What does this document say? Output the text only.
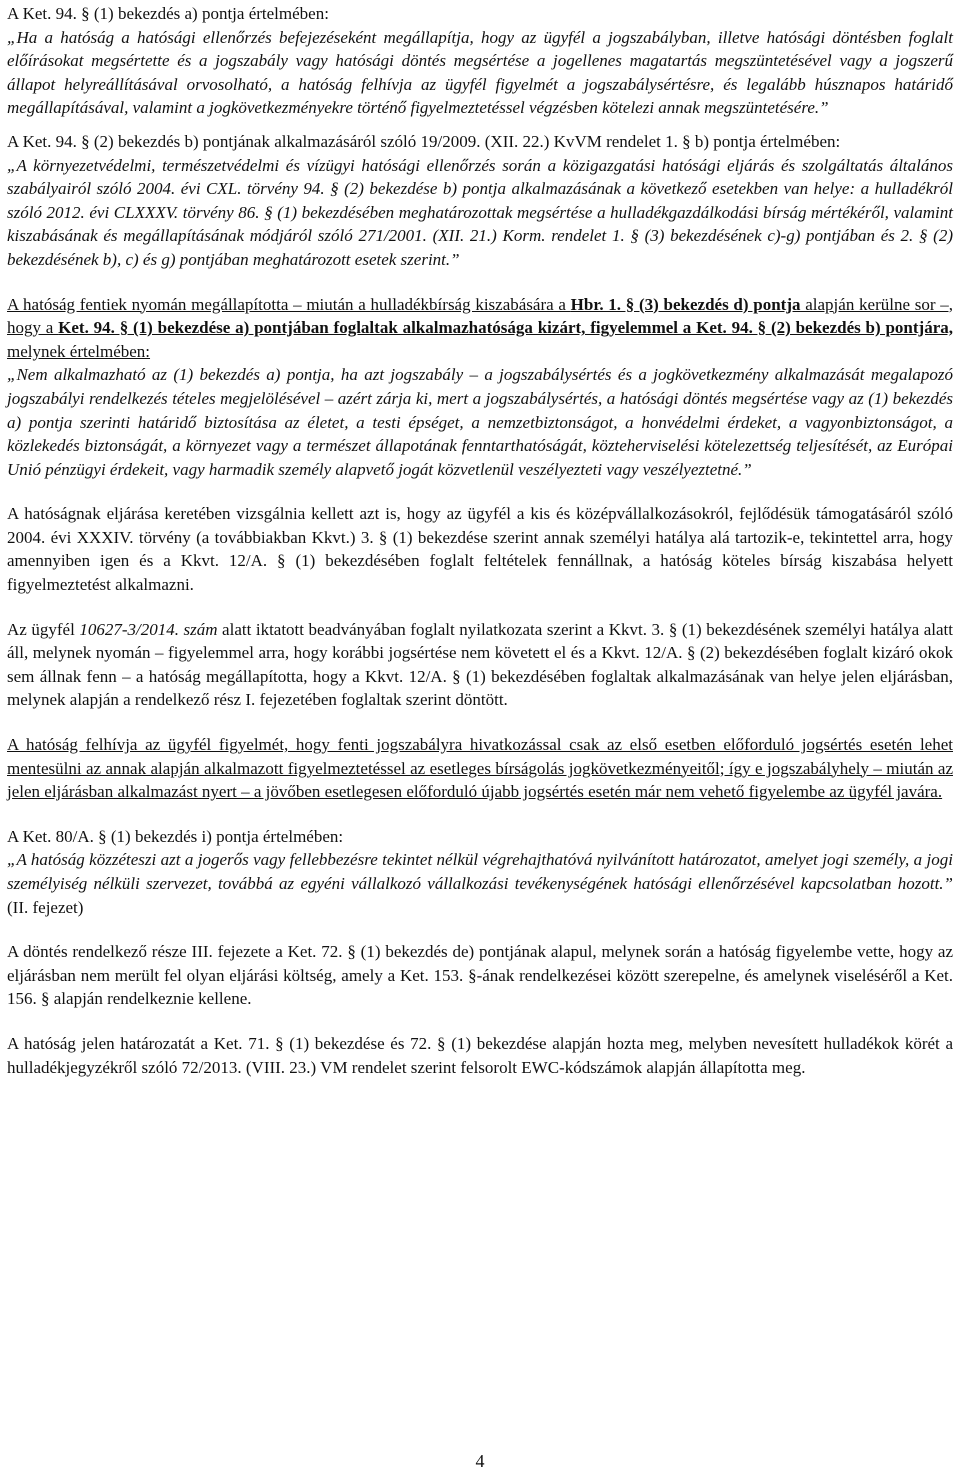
A Ket. 94. § (1) bekezdés a) pontja értelmében:

„Ha a hatóság a hatósági ellenőrzés befejezéseként megállapítja, hogy az ügyfél a jogszabályban, illetve hatósági döntésben foglalt előírásokat megsértette és a jogszabály vagy hatósági döntés megsértése a jogellenes magatartás megszüntetésével vagy a jogszerű állapot helyreállításával orvosolható, a hatóság felhívja az ügyfél figyelmét a jogszabálysértésre, és legalább húsznapos határidő megállapításával, valamint a jogkövetkezményekre történő figyelmeztetéssel végzésben kötelezi annak megszüntetésére.”

A Ket. 94. § (2) bekezdés b) pontjának alkalmazásáról szóló 19/2009. (XII. 22.) KvVM rendelet 1. § b) pontja értelmében:

„A környezetvédelmi, természetvédelmi és vízügyi hatósági ellenőrzés során a közigazgatási hatósági eljárás és szolgáltatás általános szabályairól szóló 2004. évi CXL. törvény 94. § (2) bekezdése b) pontja alkalmazásának a következő esetekben van helye: a hulladékról szóló 2012. évi CLXXXV. törvény 86. § (1) bekezdésében meghatározottak megsértése a hulladékgazdálkodási bírság mértékéről, valamint kiszabásának és megállapításának módjáról szóló 271/2001. (XII. 21.) Korm. rendelet 1. § (3) bekezdésének c)-g) pontjában és 2. § (2) bekezdésének b), c) és g) pontjában meghatározott esetek szerint.”

A hatóság fentiek nyomán megállapította – miután a hulladékbírság kiszabására a Hbr. 1. § (3) bekezdés d) pontja alapján kerülne sor –, hogy a Ket. 94. § (1) bekezdése a) pontjában foglaltak alkalmazhatósága kizárt, figyelemmel a Ket. 94. § (2) bekezdés b) pontjára, melynek értelmében:

„Nem alkalmazható az (1) bekezdés a) pontja, ha azt jogszabály – a jogszabálysértés és a jogkövetkezmény alkalmazását megalapozó jogszabályi rendelkezés tételes megjelölésével – azért zárja ki, mert a jogszabálysértés, a hatósági döntés megsértése vagy az (1) bekezdés a) pontja szerinti határidő biztosítása az életet, a testi épséget, a nemzetbiztonságot, a honvédelmi érdeket, a vagyonbiztonságot, a közlekedés biztonságát, a környezet vagy a természet állapotának fenntarthatóságát, közteherviselési kötelezettség teljesítését, az Európai Unió pénzügyi érdekeit, vagy harmadik személy alapvető jogát közvetlenül veszélyezteti vagy veszélyeztetné.”

A hatóságnak eljárása keretében vizsgálnia kellett azt is, hogy az ügyfél a kis és középvállalkozásokról, fejlődésük támogatásáról szóló 2004. évi XXXIV. törvény (a továbbiakban Kkvt.) 3. § (1) bekezdése szerint annak személyi hatálya alá tartozik-e, tekintettel arra, hogy amennyiben igen és a Kkvt. 12/A. § (1) bekezdésében foglalt feltételek fennállnak, a hatóság köteles bírság kiszabása helyett figyelmeztetést alkalmazni.

Az ügyfél 10627-3/2014. szám alatt iktatott beadványában foglalt nyilatkozata szerint a Kkvt. 3. § (1) bekezdésének személyi hatálya alatt áll, melynek nyomán – figyelemmel arra, hogy korábbi jogsértése nem követett el és a Kkvt. 12/A. § (2) bekezdésében foglalt kizáró okok sem állnak fenn – a hatóság megállapította, hogy a Kkvt. 12/A. § (1) bekezdésében foglaltak alkalmazásának van helye jelen eljárásban, melynek alapján a rendelkező rész I. fejezetében foglaltak szerint döntött.

A hatóság felhívja az ügyfél figyelmét, hogy fenti jogszabályra hivatkozással csak az első esetben előforduló jogsértés esetén lehet mentesülni az annak alapján alkalmazott figyelmeztetéssel az esetleges bírságolás jogkövetkezményeitől; így e jogszabályhely – miután az jelen eljárásban alkalmazást nyert – a jövőben esetlegesen előforduló újabb jogsértés esetén már nem vehető figyelembe az ügyfél javára.

A Ket. 80/A. § (1) bekezdés i) pontja értelmében:

„A hatóság közzéteszi azt a jogerős vagy fellebbezésre tekintet nélkül végrehajthatóvá nyilvánított határozatot, amelyet jogi személy, a jogi személyiség nélküli szervezet, továbbá az egyéni vállalkozó vállalkozási tevékenységének hatósági ellenőrzésével kapcsolatban hozott.” (II. fejezet)

A döntés rendelkező része III. fejezete a Ket. 72. § (1) bekezdés de) pontjának alapul, melynek során a hatóság figyelembe vette, hogy az eljárásban nem merült fel olyan eljárási költség, amely a Ket. 153. §-ának rendelkezései között szerepelne, és amelynek viseléséről a Ket. 156. § alapján rendelkeznie kellene.

A hatóság jelen határozatát a Ket. 71. § (1) bekezdése és 72. § (1) bekezdése alapján hozta meg, melyben nevesített hulladékok körét a hulladékjegyzékről szóló 72/2013. (VIII. 23.) VM rendelet szerint felsorolt EWC-kódszámok alapján állapította meg.

4
